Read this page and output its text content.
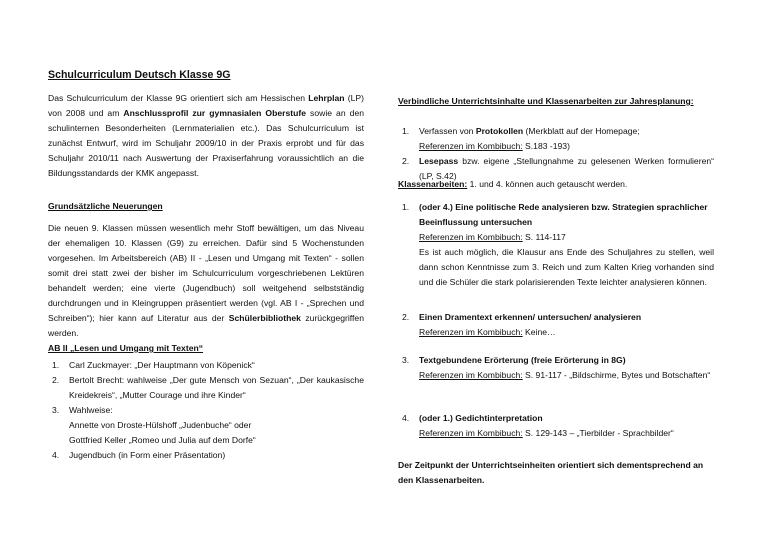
Schulcurriculum Deutsch Klasse 9G
Das Schulcurriculum der Klasse 9G orientiert sich am Hessischen Lehrplan (LP) von 2008 und am Anschlussprofil zur gymnasialen Oberstufe sowie an den schulinternen Besonderheiten (Lernmaterialien etc.). Das Schulcurriculum ist zunächst Entwurf, wird im Schuljahr 2009/10 in der Praxis erprobt und für das Schuljahr 2010/11 nach Auswertung der Praxiserfahrung voraussichtlich an die Bildungsstandards der KMK angepasst.
Grundsätzliche Neuerungen
Die neuen 9. Klassen müssen wesentlich mehr Stoff bewältigen, um das Niveau der ehemaligen 10. Klassen (G9) zu erreichen. Dafür sind 5 Wochenstunden vorgesehen. Im Arbeitsbereich (AB) II - „Lesen und Umgang mit Texten“ - sollen somit drei statt zwei der bisher im Schulcurriculum vorgeschriebenen Lektüren behandelt werden; eine vierte (Jugendbuch) soll weitgehend selbstständig durchdrungen und in Kleingruppen präsentiert werden (vgl. AB I - „Sprechen und Schreiben“); hier kann auf Literatur aus der Schülerbibliothek zurückgegriffen werden.
AB II „Lesen und Umgang mit Texten“
1. Carl Zuckmayer: „Der Hauptmann von Köpenick“
2. Bertolt Brecht: wahlweise „Der gute Mensch von Sezuan“, „Der kaukasische Kreidekreis“, „Mutter Courage und ihre Kinder“
3. Wahlweise:
Annette von Droste-Hülshoff „Judenbuche“ oder
Gottfried Keller „Romeo und Julia auf dem Dorfe“
4. Jugendbuch (in Form einer Präsentation)
Verbindliche Unterrichtsinhalte und Klassenarbeiten zur Jahresplanung:
1. Verfassen von Protokollen (Merkblatt auf der Homepage;
Referenzen im Kombibuch: S.183 -193)
2. Lesepass bzw. eigene „Stellungnahme zu gelesenen Werken formulieren“ (LP, S.42)
Klassenarbeiten: 1. und 4. können auch getauscht werden.
1. (oder 4.) Eine politische Rede analysieren bzw. Strategien sprachlicher Beeinflussung untersuchen
Referenzen im Kombibuch: S. 114-117
Es ist auch möglich, die Klausur ans Ende des Schuljahres zu stellen, weil dann schon Kenntnisse zum 3. Reich und zum Kalten Krieg vorhanden sind und die Schüler die stark polarisierenden Texte leichter analysieren können.
2. Einen Dramentext erkennen/ untersuchen/ analysieren
Referenzen im Kombibuch: Keine…
3. Textgebundene Erörterung (freie Erörterung in 8G)
Referenzen im Kombibuch: S. 91-117 - „Bildschirme, Bytes und Botschaften“
4. (oder 1.) Gedichtinterpretation
Referenzen im Kombibuch: S. 129-143 – „Tierbilder - Sprachbilder“
Der Zeitpunkt der Unterrichtseinheiten orientiert sich dementsprechend an den Klassenarbeiten.
